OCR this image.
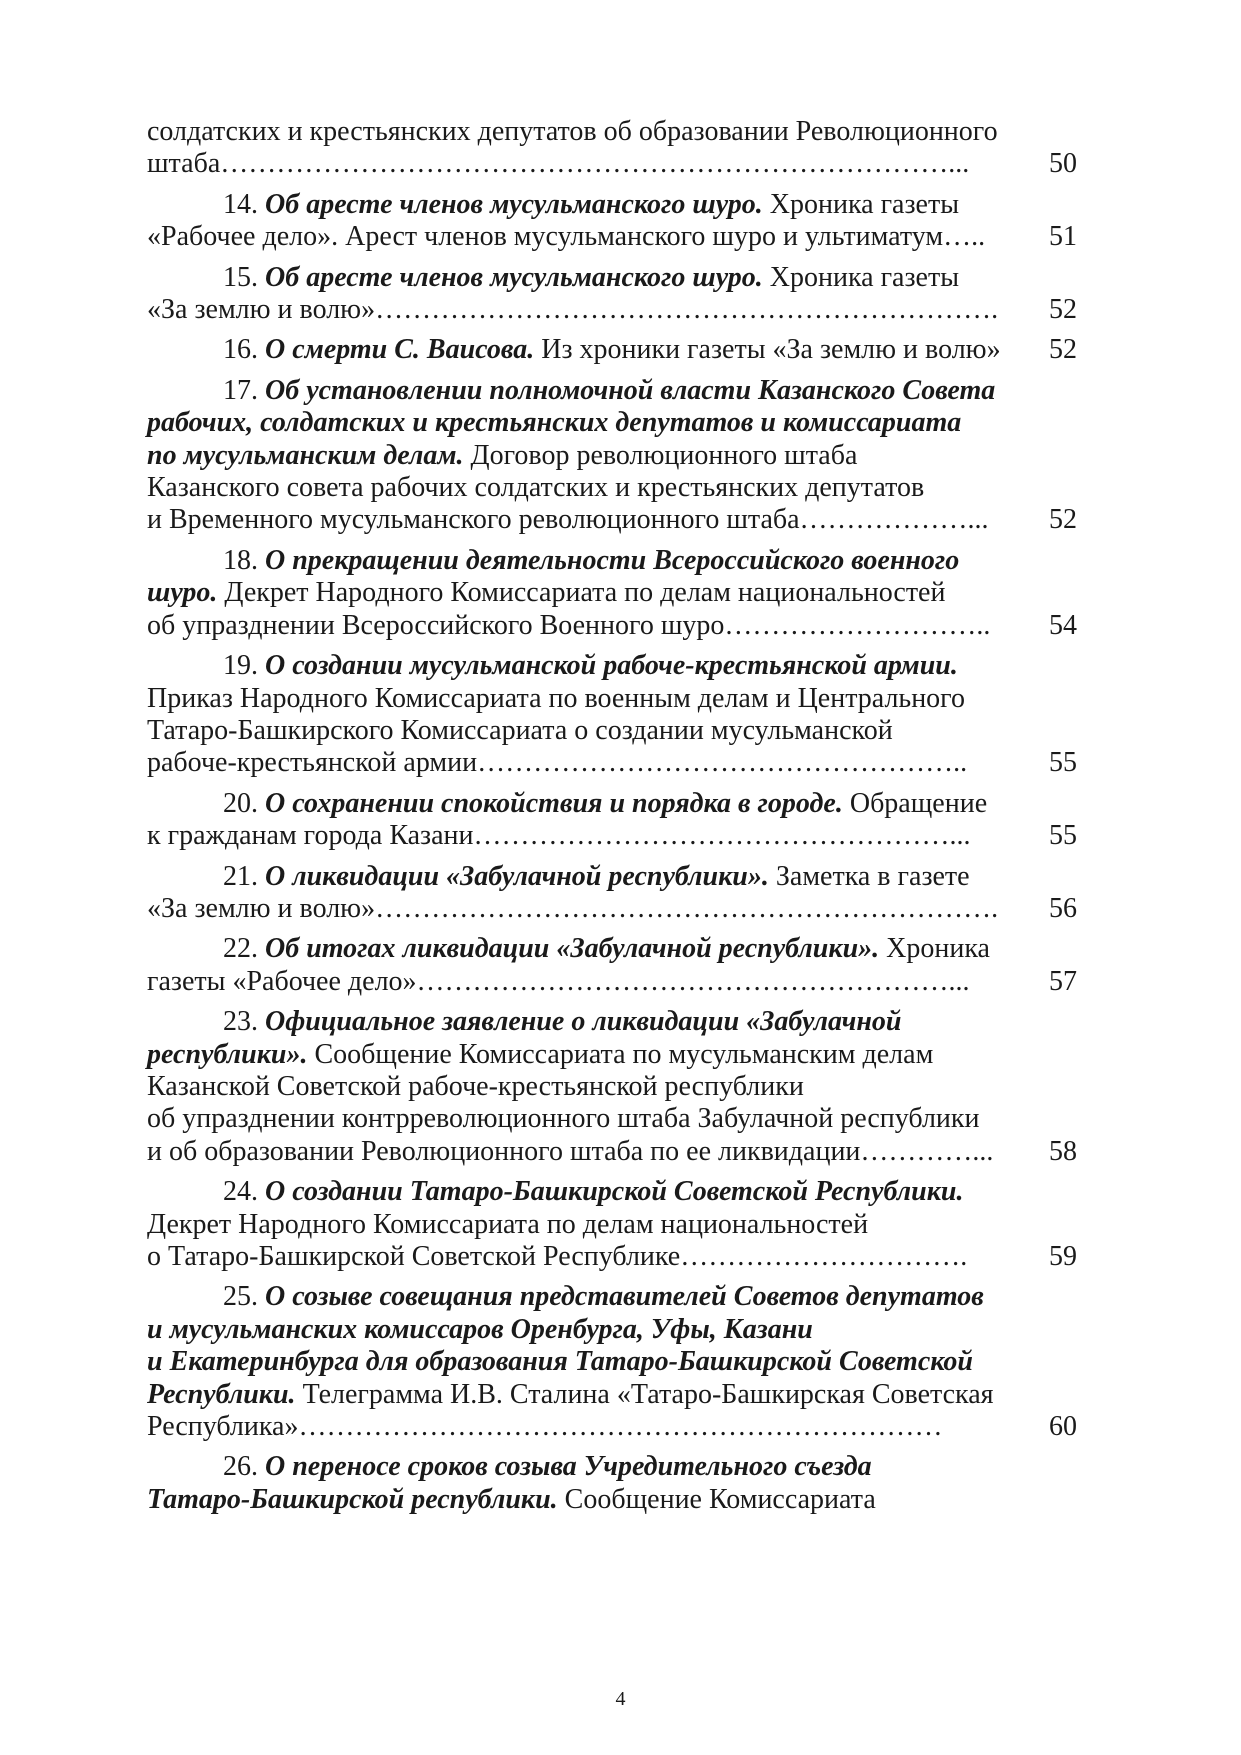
солдатских и крестьянских депутатов об образовании Революционного
штаба……………………………………………………………………...	50
14. Об аресте членов мусульманского шуро. Хроника газеты
«Рабочее дело». Арест членов мусульманского шуро и ультиматум…..	51
15. Об аресте членов мусульманского шуро. Хроника газеты
«За землю и волю»………………………………………………………….	52
16. О смерти С. Ваисова. Из хроники газеты «За землю и волю»	52
17. Об установлении полномочной власти Казанского Совета
рабочих, солдатских и крестьянских депутатов и комиссариата
по мусульманским делам. Договор революционного штаба
Казанского совета рабочих солдатских и крестьянских депутатов
и Временного мусульманского революционного штаба………………...	52
18. О прекращении деятельности Всероссийского военного
шуро. Декрет Народного Комиссариата по делам национальностей
об упразднении Всероссийского Военного шуро………………………..	54
19. О создании мусульманской рабоче-крестьянской армии.
Приказ Народного Комиссариата по военным делам и Центрального
Татаро-Башкирского Комиссариата о создании мусульманской
рабоче-крестьянской армии……………………………………………..	55
20. О сохранении спокойствия и порядка в городе. Обращение
к гражданам города Казани……………………………………………...	55
21. О ликвидации «Забулачной республики». Заметка в газете
«За землю и волю»………………………………………………………….	56
22. Об итогах ликвидации «Забулачной республики». Хроника
газеты «Рабочее дело»…………………………………………………...	57
23. Официальное заявление о ликвидации «Забулачной
республики». Сообщение Комиссариата по мусульманским делам
Казанской Советской рабоче-крестьянской республики
об упразднении контрреволюционного штаба Забулачной республики
и об образовании Революционного штаба по ее ликвидации…………...	58
24. О создании Татаро-Башкирской Советской Республики.
Декрет Народного Комиссариата по делам национальностей
о Татаро-Башкирской Советской Республике………………………….	59
25. О созыве совещания представителей Советов депутатов
и мусульманских комиссаров Оренбурга, Уфы, Казани
и Екатеринбурга для образования Татаро-Башкирской Советской
Республики. Телеграмма И.В. Сталина «Татаро-Башкирская Советская
Республика»……………………………………………………………	60
26. О переносе сроков созыва Учредительного съезда
Татаро-Башкирской республики. Сообщение Комиссариата
4
